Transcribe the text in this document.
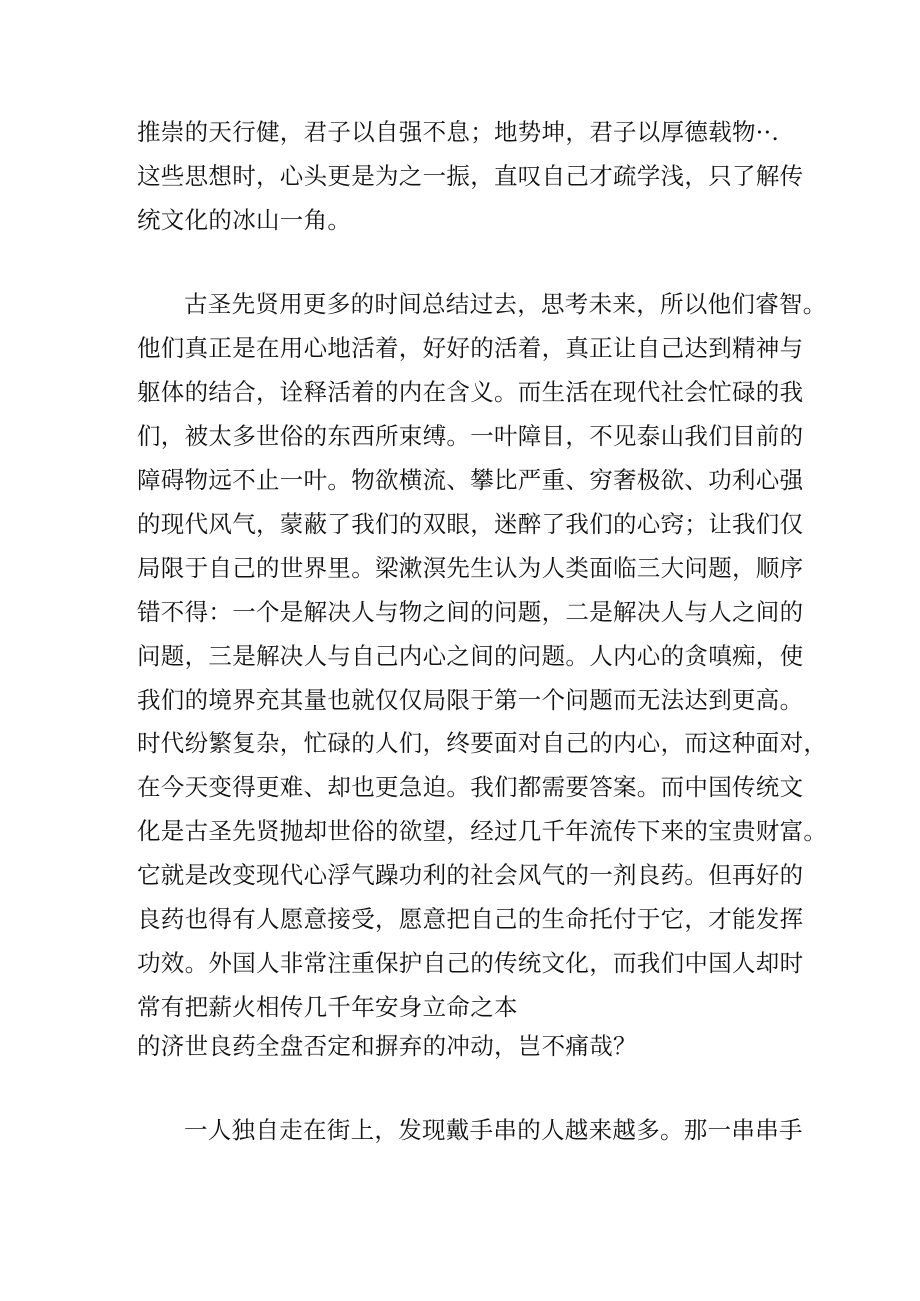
推崇的天行健，君子以自强不息；地势坤，君子以厚德载物··.

这些思想时，心头更是为之一振，直叹自己才疏学浅，只了解传

统文化的冰山一角。

古圣先贤用更多的时间总结过去，思考未来，所以他们睿智。

他们真正是在用心地活着，好好的活着，真正让自己达到精神与

躯体的结合，诠释活着的内在含义。而生活在现代社会忙碌的我

们，被太多世俗的东西所束缚。一叶障目，不见泰山我们目前的

障碍物远不止一叶。物欲横流、攀比严重、穷奢极欲、功利心强

的现代风气，蒙蔽了我们的双眼，迷醉了我们的心窍；让我们仅

局限于自己的世界里。梁漱溟先生认为人类面临三大问题，顺序

错不得：一个是解决人与物之间的问题，二是解决人与人之间的

问题，三是解决人与自己内心之间的问题。人内心的贪嗔痴，使

我们的境界充其量也就仅仅局限于第一个问题而无法达到更高。

时代纷繁复杂，忙碌的人们，终要面对自己的内心，而这种面对，

在今天变得更难、却也更急迫。我们都需要答案。而中国传统文

化是古圣先贤抛却世俗的欲望，经过几千年流传下来的宝贵财富。

它就是改变现代心浮气躁功利的社会风气的一剂良药。但再好的

良药也得有人愿意接受，愿意把自己的生命托付于它，才能发挥

功效。外国人非常注重保护自己的传统文化，而我们中国人却时

常有把薪火相传几千年安身立命之本

的济世良药全盘否定和摒弃的冲动，岂不痛哉？

一人独自走在街上，发现戴手串的人越来越多。那一串串手
